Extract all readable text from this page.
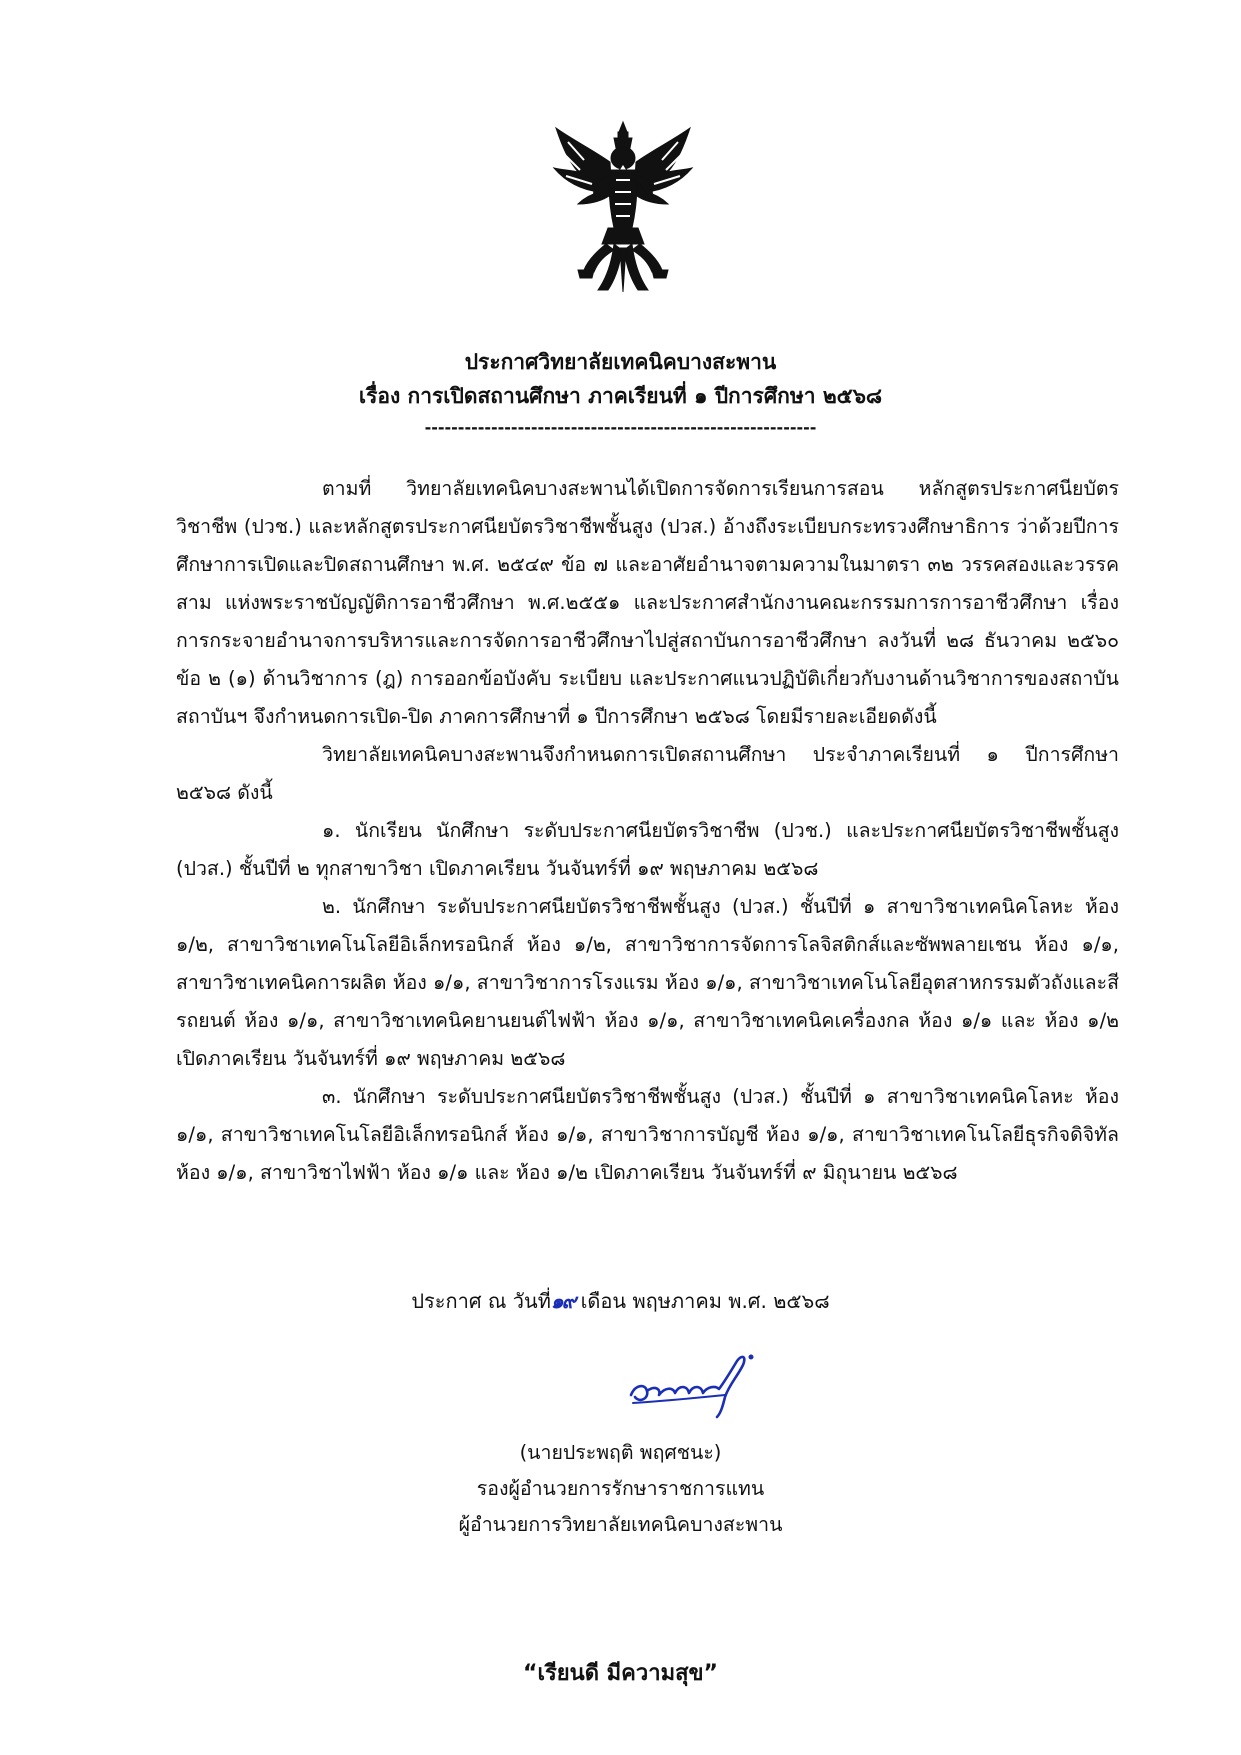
ประกาศวิทยาลัยเทคนิคบางสะพาน
เรื่อง การเปิดสถานศึกษา ภาคเรียนที่ ๑ ปีการศึกษา ๒๕๖๘
-----------------------------------------------------------

ตามที่ วิทยาลัยเทคนิคบางสะพานได้เปิดการจัดการเรียนการสอน หลักสูตรประกาศนียบัตรวิชาชีพ (ปวช.) และหลักสูตรประกาศนียบัตรวิชาชีพชั้นสูง (ปวส.) อ้างถึงระเบียบกระทรวงศึกษาธิการ ว่าด้วยปีการศึกษาการเปิดและปิดสถานศึกษา พ.ศ. ๒๕๔๙ ข้อ ๗ และอาศัยอำนาจตามความในมาตรา ๓๒ วรรคสองและวรรคสาม แห่งพระราชบัญญัติการอาชีวศึกษา พ.ศ.๒๕๕๑ และประกาศสำนักงานคณะกรรมการการอาชีวศึกษา เรื่อง การกระจายอำนาจการบริหารและการจัดการอาชีวศึกษาไปสู่สถาบันการอาชีวศึกษา ลงวันที่ ๒๘ ธันวาคม ๒๕๖๐ ข้อ ๒ (๑) ด้านวิชาการ (ฎ) การออกข้อบังคับ ระเบียบ และประกาศแนวปฏิบัติเกี่ยวกับงานด้านวิชาการของสถาบัน สถาบันฯ จึงกำหนดการเปิด-ปิด ภาคการศึกษาที่ ๑ ปีการศึกษา ๒๕๖๘ โดยมีรายละเอียดดังนี้

วิทยาลัยเทคนิคบางสะพานจึงกำหนดการเปิดสถานศึกษา ประจำภาคเรียนที่ ๑ ปีการศึกษา ๒๕๖๘ ดังนี้

๑. นักเรียน นักศึกษา ระดับประกาศนียบัตรวิชาชีพ (ปวช.) และประกาศนียบัตรวิชาชีพชั้นสูง (ปวส.) ชั้นปีที่ ๒ ทุกสาขาวิชา เปิดภาคเรียน วันจันทร์ที่ ๑๙ พฤษภาคม ๒๕๖๘

๒. นักศึกษา ระดับประกาศนียบัตรวิชาชีพชั้นสูง (ปวส.) ชั้นปีที่ ๑ สาขาวิชาเทคนิคโลหะ ห้อง ๑/๒, สาขาวิชาเทคโนโลยีอิเล็กทรอนิกส์ ห้อง ๑/๒, สาขาวิชาการจัดการโลจิสติกส์และซัพพลายเชน ห้อง ๑/๑, สาขาวิชาเทคนิคการผลิต ห้อง ๑/๑, สาขาวิชาการโรงแรม ห้อง ๑/๑, สาขาวิชาเทคโนโลยีอุตสาหกรรมตัวถังและสีรถยนต์ ห้อง ๑/๑, สาขาวิชาเทคนิคยานยนต์ไฟฟ้า ห้อง ๑/๑, สาขาวิชาเทคนิคเครื่องกล ห้อง ๑/๑ และ ห้อง ๑/๒ เปิดภาคเรียน วันจันทร์ที่ ๑๙ พฤษภาคม ๒๕๖๘

๓. นักศึกษา ระดับประกาศนียบัตรวิชาชีพชั้นสูง (ปวส.) ชั้นปีที่ ๑ สาขาวิชาเทคนิคโลหะ ห้อง ๑/๑, สาขาวิชาเทคโนโลยีอิเล็กทรอนิกส์ ห้อง ๑/๑, สาขาวิชาการบัญชี ห้อง ๑/๑, สาขาวิชาเทคโนโลยีธุรกิจดิจิทัล ห้อง ๑/๑, สาขาวิชาไฟฟ้า ห้อง ๑/๑ และ ห้อง ๑/๒ เปิดภาคเรียน วันจันทร์ที่ ๙ มิถุนายน ๒๕๖๘

ประกาศ ณ วันที่๑๙ เดือน พฤษภาคม พ.ศ. ๒๕๖๘
(นายประพฤติ พฤศชนะ)
รองผู้อำนวยการรักษาราชการแทน
ผู้อำนวยการวิทยาลัยเทคนิคบางสะพาน
“เรียนดี มีความสุข”
